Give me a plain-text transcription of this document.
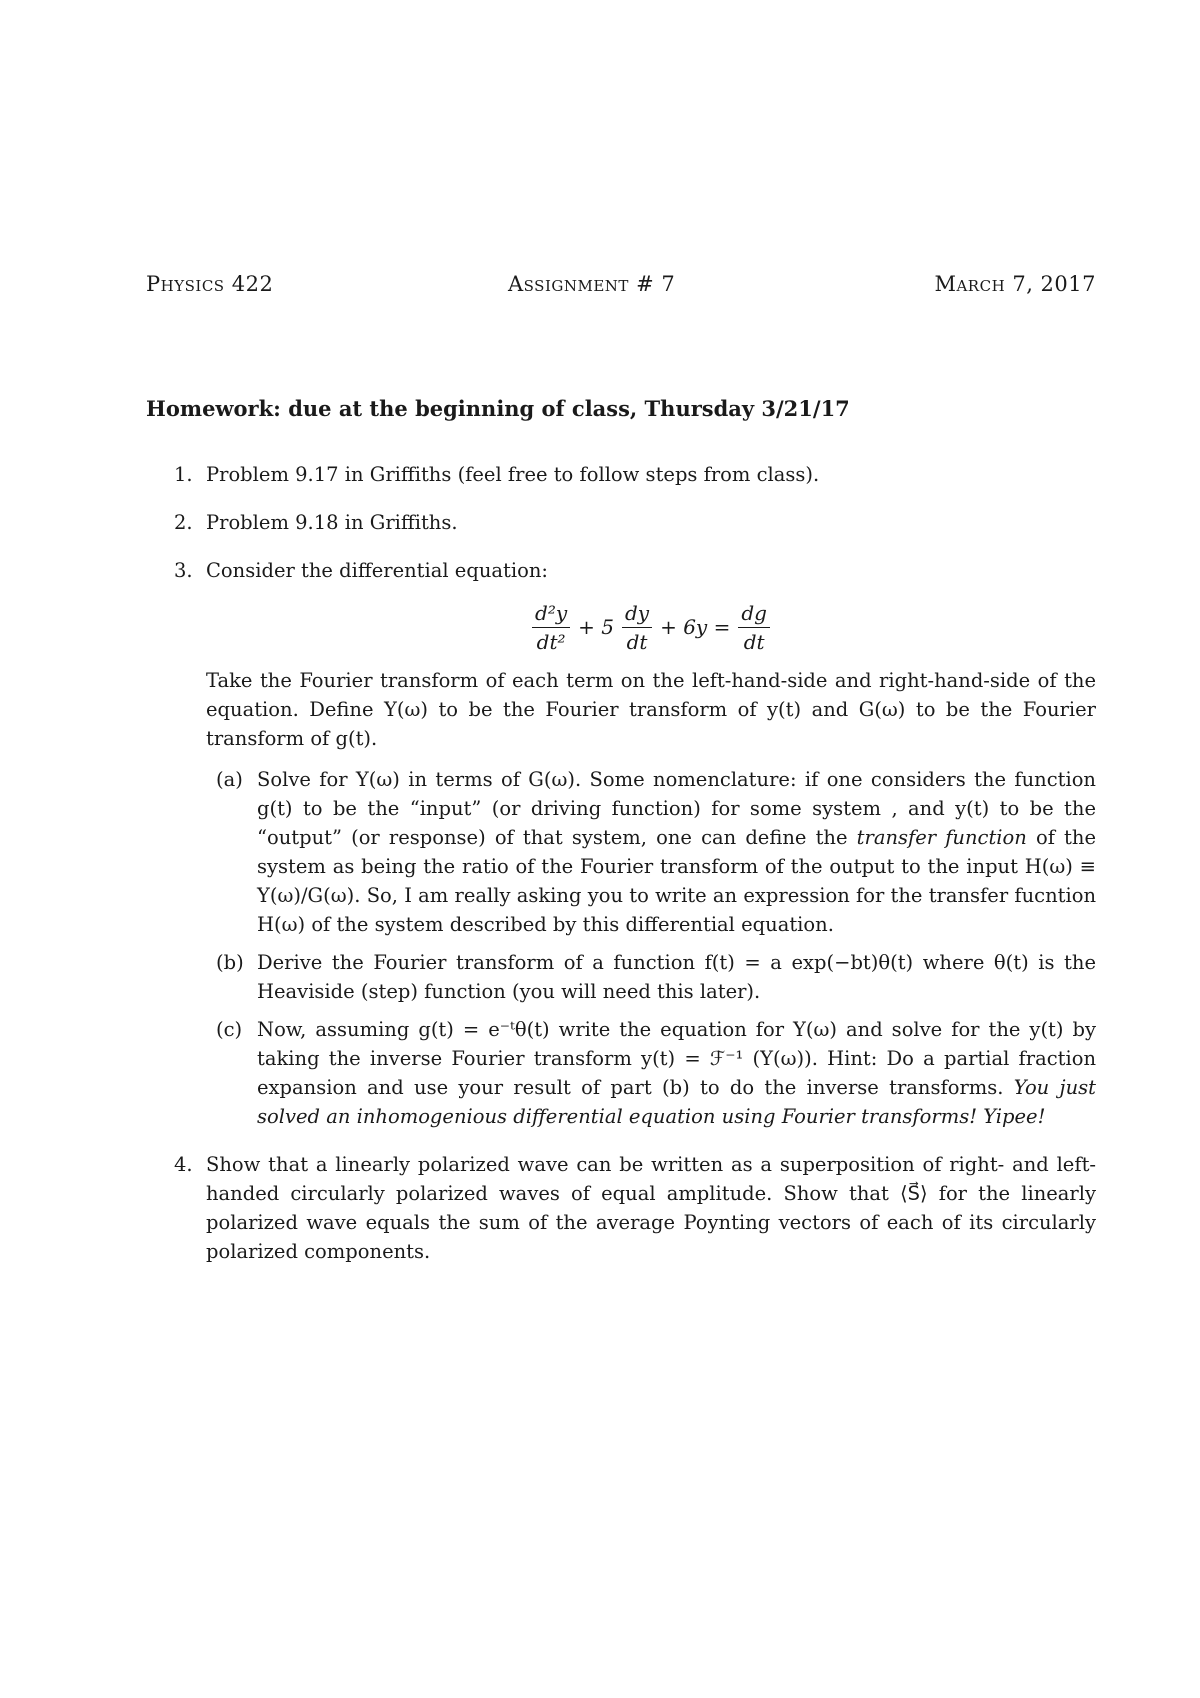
Physics 422	Assignment # 7	March 7, 2017
Homework: due at the beginning of class, Thursday 3/21/17
1. Problem 9.17 in Griffiths (feel free to follow steps from class).
2. Problem 9.18 in Griffiths.
3. Consider the differential equation:
$\frac{\text{d²y}}{\text{dt²}} + 5 \frac{dy}{dt} + 6y = \frac{dg}{dt}$
Take the Fourier transform of each term on the left-hand-side and right-hand-side of the equation. Define Y(ω) to be the Fourier transform of y(t) and G(ω) to be the Fourier transform of g(t).
(a) Solve for Y(ω) in terms of G(ω). Some nomenclature: if one considers the function g(t) to be the “input” (or driving function) for some system , and y(t) to be the “output” (or response) of that system, one can define the transfer function of the system as being the ratio of the Fourier transform of the output to the input H(ω) ≡ Y(ω)/G(ω). So, I am really asking you to write an expression for the transfer fucntion H(ω) of the system described by this differential equation.
(b) Derive the Fourier transform of a function f(t) = a exp(−bt)θ(t) where θ(t) is the Heaviside (step) function (you will need this later).
(c) Now, assuming g(t) = e⁻ᵗθ(t) write the equation for Y(ω) and solve for the y(t) by taking the inverse Fourier transform y(t) = ℱ⁻¹ (Y(ω)). Hint: Do a partial fraction expansion and use your result of part (b) to do the inverse transforms. You just solved an inhomogenious differential equation using Fourier transforms! Yipee!
4. Show that a linearly polarized wave can be written as a superposition of right- and left-handed circularly polarized waves of equal amplitude. Show that ⟨S⃗⟩ for the linearly polarized wave equals the sum of the average Poynting vectors of each of its circularly polarized components.
